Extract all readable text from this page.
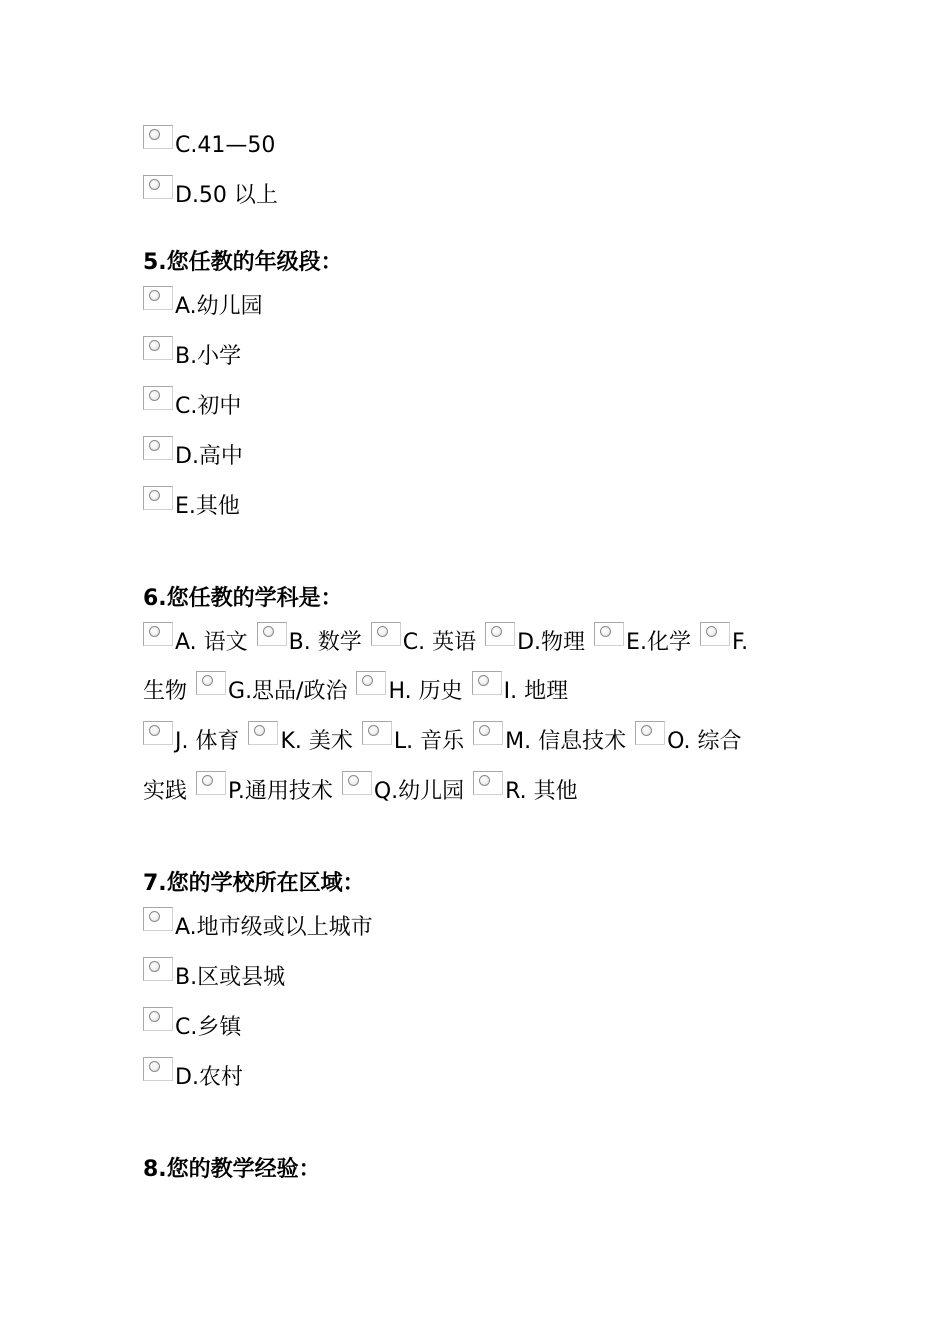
C.41—50
D.50 以上
5.您任教的年级段：
A.幼儿园
B.小学
C.初中
D.高中
E.其他
6.您任教的学科是：
A. 语文 B. 数学 C. 英语 D.物理 E.化学 F.
生物 G.思品/政治 H. 历史 I. 地理
J. 体育 K. 美术 L. 音乐 M. 信息技术 O. 综合
实践 P.通用技术 Q.幼儿园 R. 其他
7.您的学校所在区域：
A.地市级或以上城市
B.区或县城
C.乡镇
D.农村
8.您的教学经验：
